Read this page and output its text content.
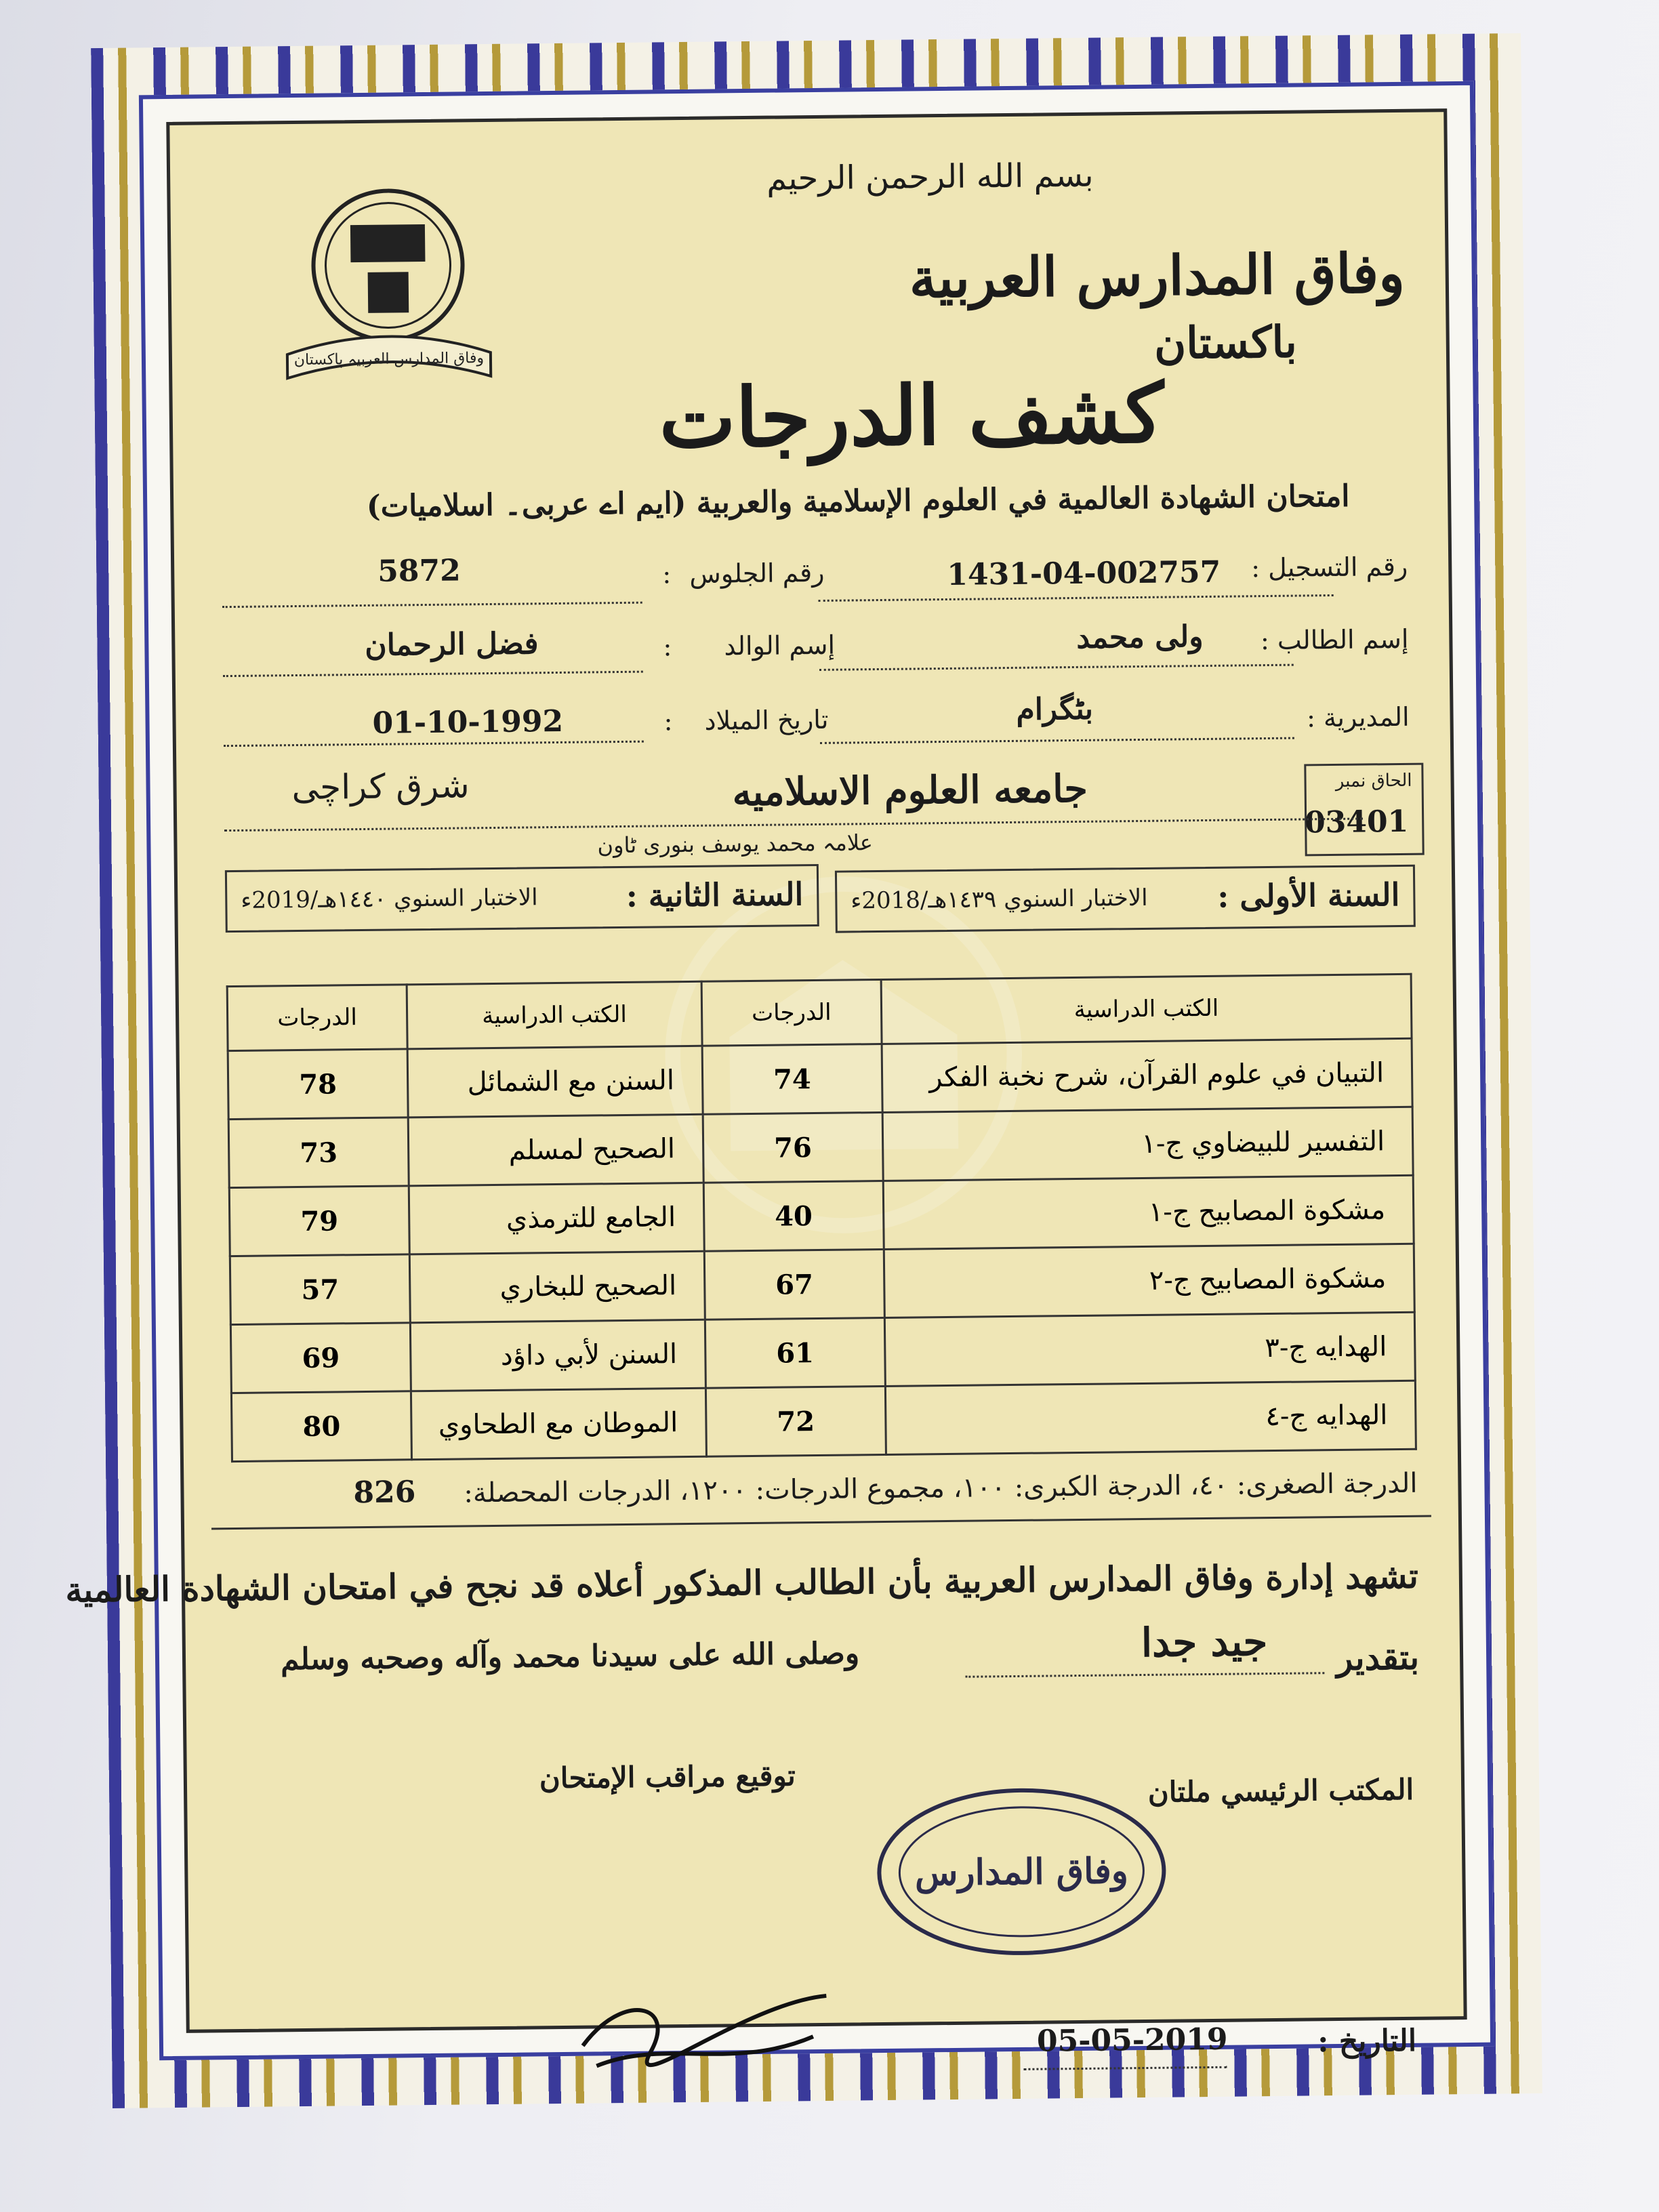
وفاق المدارس العربیہ پاکستان
بسم الله الرحمن الرحيم
وفاق المدارس العربية
باكستان
كشف الدرجات
امتحان الشهادة العالمية في العلوم الإسلامية والعربية (ايم اے عربی۔ اسلامیات)
رقم التسجيل :
1431-04-002757
رقم الجلوس
:
5872
إسم الطالب :
ولی محمد
إسم الوالد
:
فضل الرحمان
المديرية :
بٹگرام
تاريخ الميلاد
:
01-10-1992
الحاق نمبر
03401
جامعه العلوم الاسلاميه
شرق کراچی
علامہ محمد یوسف بنوری ٹاون
السنة الأولى :
الاختبار السنوي ١٤٣٩هـ/2018ء
السنة الثانية :
الاختبار السنوي ١٤٤٠هـ/2019ء
الكتب الدراسية	الدرجات	الكتب الدراسية	الدرجات
التبيان في علوم القرآن، شرح نخبة الفكر	74	السنن مع الشمائل	78
التفسير للبيضاوي ج-١	76	الصحيح لمسلم	73
مشكوة المصابيح ج-١	40	الجامع للترمذي	79
مشكوة المصابيح ج-٢	67	الصحيح للبخاري	57
الهدايه ج-٣	61	السنن لأبي داؤد	69
الهدايه ج-٤	72	الموطان مع الطحاوي	80
الدرجة الصغرى: ٤٠، الدرجة الكبرى: ١٠٠، مجموع الدرجات: ١٢٠٠، الدرجات المحصلة:
826
تشهد إدارة وفاق المدارس العربية بأن الطالب المذكور أعلاه قد نجح في امتحان الشهادة العالمية
بتقدير
جيد جدا
وصلى الله على سيدنا محمد وآله وصحبه وسلم
المكتب الرئيسي ملتان
توقيع مراقب الإمتحان
وفاق المدارس
التاريخ :
05-05-2019
